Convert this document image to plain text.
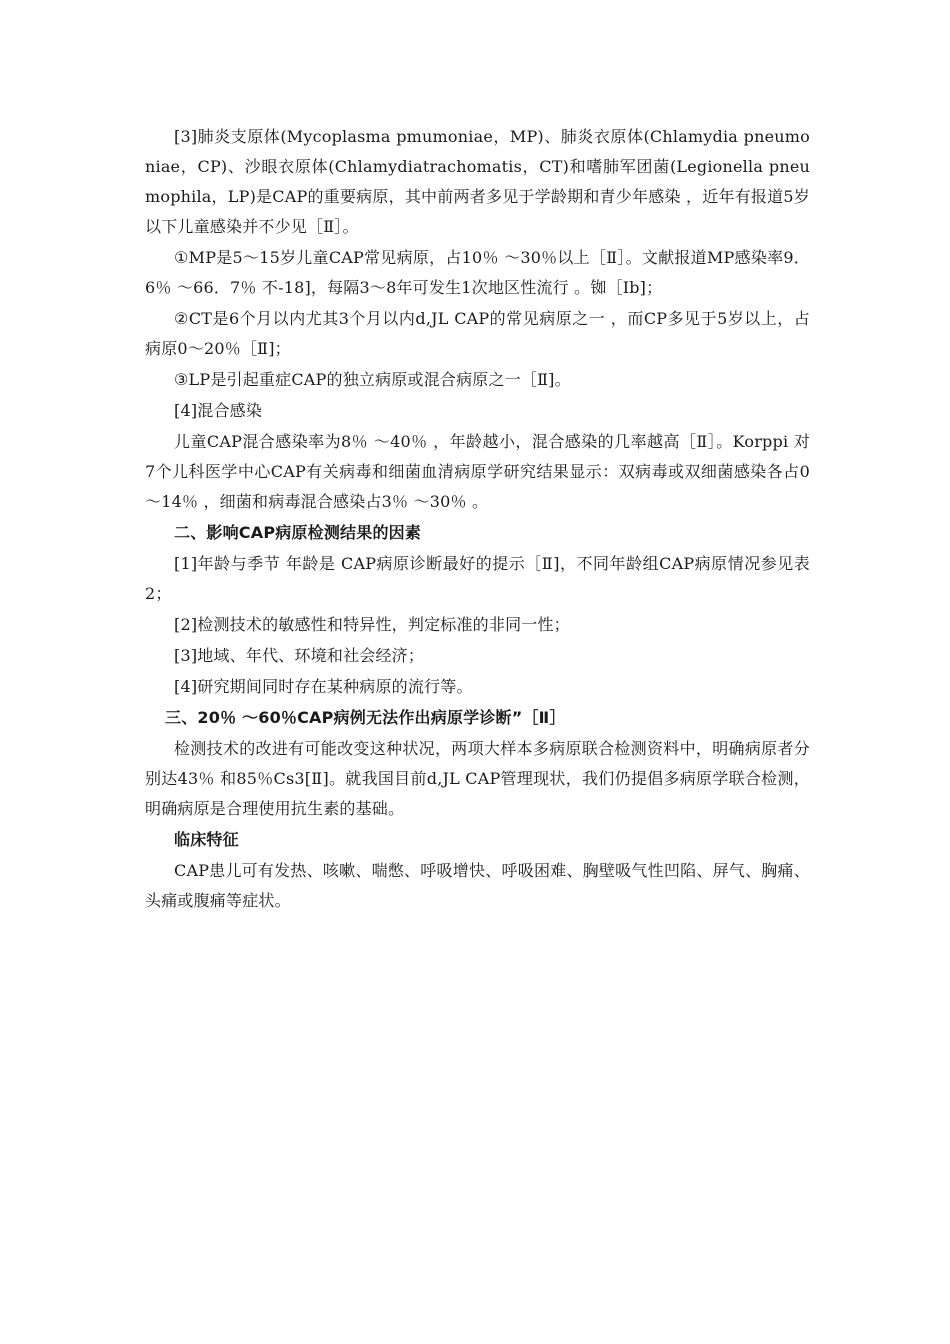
[3]肺炎支原体(Mycoplasma pmumoniae，MP)、肺炎衣原体(Chlamydia pneumoniae，CP)、沙眼衣原体(Chlamydiatrachomatis，CT)和嗜肺军团菌(Legionella pneumophila，LP)是CAP的重要病原，其中前两者多见于学龄期和青少年感染 ，近年有报道5岁以下儿童感染并不少见［Ⅱ］。

①MP是5～15岁儿童CAP常见病原，占10％ ～30％以上［Ⅱ］。文献报道MP感染率9．6％ ～66．7％ 不-18]，每隔3～8年可发生1次地区性流行 。铷［Ib]；

②CT是6个月以内尤其3个月以内d,JL CAP的常见病原之一 ，而CP多见于5岁以上，占病原0～20％［Ⅱ]；

③LP是引起重症CAP的独立病原或混合病原之一［Ⅱ]。

[4]混合感染

儿童CAP混合感染率为8％ ～40％ ，年龄越小，混合感染的几率越高［Ⅱ］。Korppi 对7个儿科医学中心CAP有关病毒和细菌血清病原学研究结果显示：双病毒或双细菌感染各占0～14％ ，细菌和病毒混合感染占3％ ～30％ 。

二、影响CAP病原检测结果的因素

[1]年龄与季节 年龄是 CAP病原诊断最好的提示［Ⅱ]，不同年龄组CAP病原情况参见表2；

[2]检测技术的敏感性和特异性，判定标准的非同一性；

[3]地域、年代、环境和社会经济；

[4]研究期间同时存在某种病原的流行等。

三、20％ ～60％CAP病例无法作出病原学诊断”［Ⅱ］

检测技术的改进有可能改变这种状况，两项大样本多病原联合检测资料中，明确病原者分别达43％ 和85％Cs3[Ⅱ]。就我国目前d,JL CAP管理现状，我们仍提倡多病原学联合检测，明确病原是合理使用抗生素的基础。

临床特征

CAP患儿可有发热、咳嗽、喘憋、呼吸增快、呼吸困难、胸壁吸气性凹陷、屏气、胸痛、头痛或腹痛等症状。
